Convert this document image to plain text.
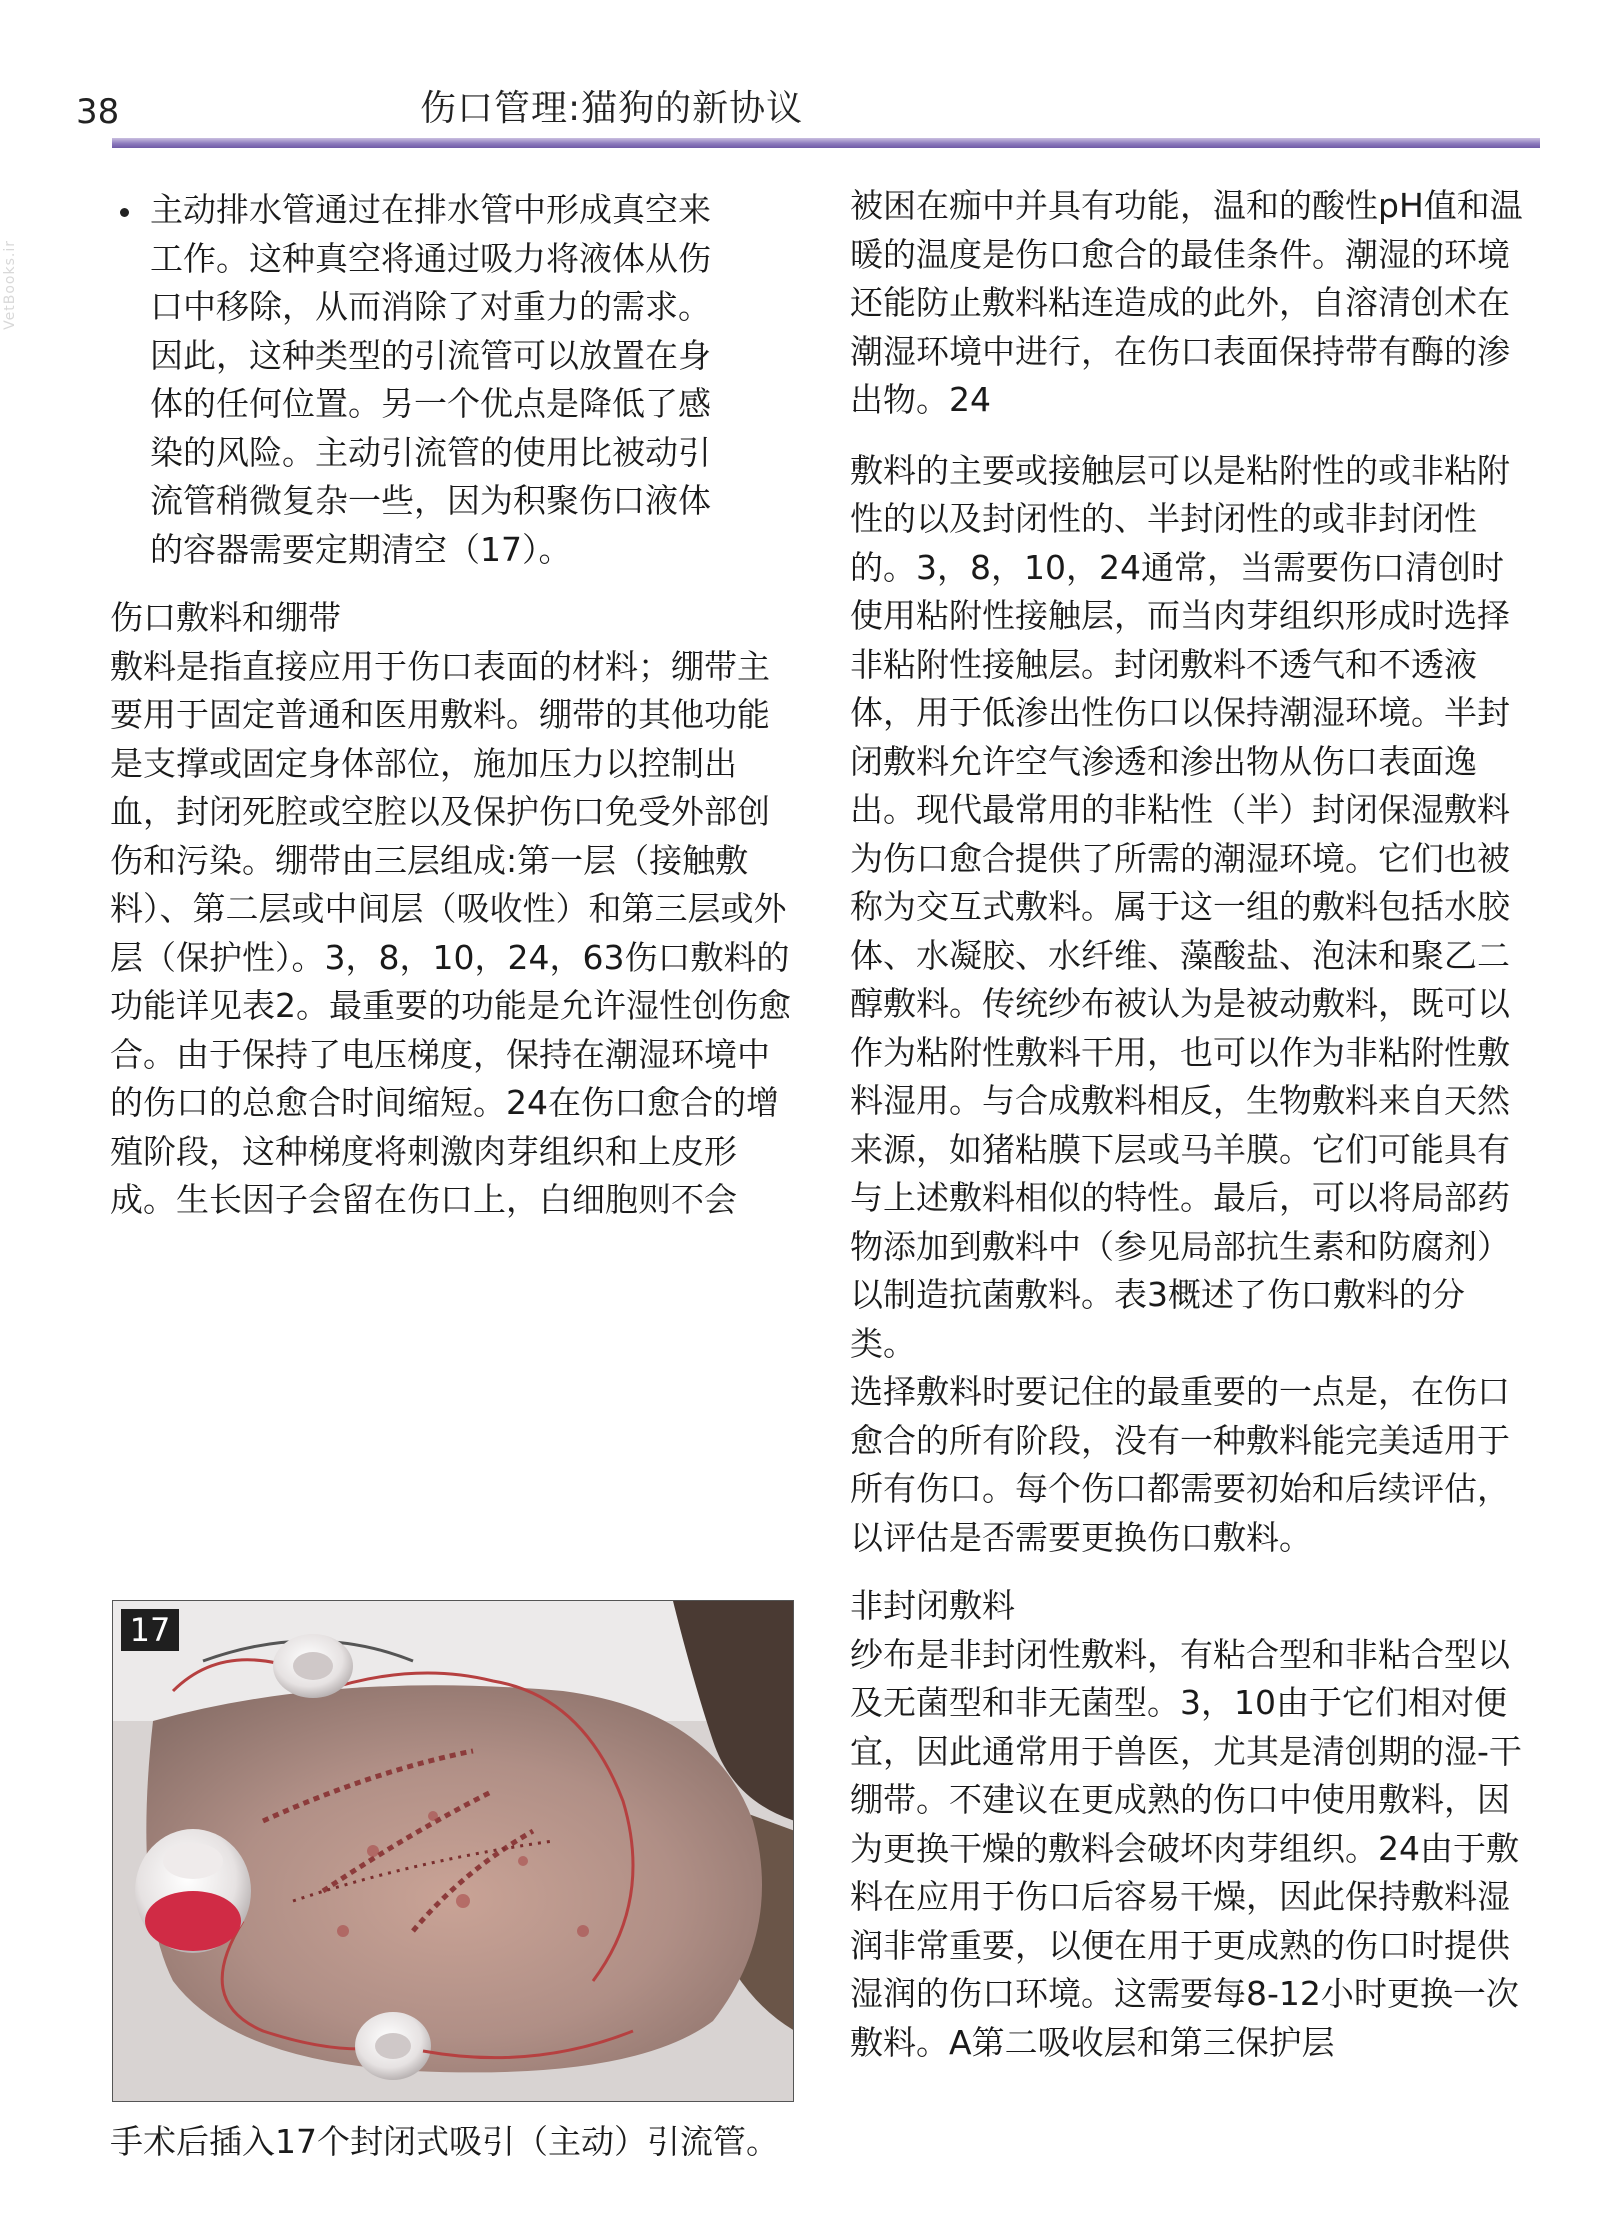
38	伤口管理:猫狗的新协议
VetBooks.ir

主动排水管通过在排水管中形成真空来工作。这种真空将通过吸力将液体从伤口中移除，从而消除了对重力的需求。因此，这种类型的引流管可以放置在身体的任何位置。另一个优点是降低了感染的风险。主动引流管的使用比被动引流管稍微复杂一些，因为积聚伤口液体的容器需要定期清空（17）。

伤口敷料和绷带

敷料是指直接应用于伤口表面的材料；绷带主要用于固定普通和医用敷料。绷带的其他功能是支撑或固定身体部位，施加压力以控制出血，封闭死腔或空腔以及保护伤口免受外部创伤和污染。绷带由三层组成:第一层（接触敷料）、第二层或中间层（吸收性）和第三层或外层（保护性）。3，8，10，24，63伤口敷料的功能详见表2。最重要的功能是允许湿性创伤愈合。由于保持了电压梯度，保持在潮湿环境中的伤口的总愈合时间缩短。24在伤口愈合的增殖阶段，这种梯度将刺激肉芽组织和上皮形成。生长因子会留在伤口上，白细胞则不会

被困在痂中并具有功能，温和的酸性pH值和温暖的温度是伤口愈合的最佳条件。潮湿的环境还能防止敷料粘连造成的此外，自溶清创术在潮湿环境中进行，在伤口表面保持带有酶的渗出物。24

敷料的主要或接触层可以是粘附性的或非粘附性的以及封闭性的、半封闭性的或非封闭性的。3，8，10，24通常，当需要伤口清创时使用粘附性接触层，而当肉芽组织形成时选择非粘附性接触层。封闭敷料不透气和不透液体，用于低渗出性伤口以保持潮湿环境。半封闭敷料允许空气渗透和渗出物从伤口表面逸出。现代最常用的非粘性（半）封闭保湿敷料为伤口愈合提供了所需的潮湿环境。它们也被称为交互式敷料。属于这一组的敷料包括水胶体、水凝胶、水纤维、藻酸盐、泡沫和聚乙二醇敷料。传统纱布被认为是被动敷料，既可以作为粘附性敷料干用，也可以作为非粘附性敷料湿用。与合成敷料相反，生物敷料来自天然来源，如猪粘膜下层或马羊膜。它们可能具有与上述敷料相似的特性。最后，可以将局部药物添加到敷料中（参见局部抗生素和防腐剂）以制造抗菌敷料。表3概述了伤口敷料的分类。

选择敷料时要记住的最重要的一点是，在伤口愈合的所有阶段，没有一种敷料能完美适用于所有伤口。每个伤口都需要初始和后续评估，以评估是否需要更换伤口敷料。

非封闭敷料

纱布是非封闭性敷料，有粘合型和非粘合型以及无菌型和非无菌型。3，10由于它们相对便宜，因此通常用于兽医，尤其是清创期的湿-干绷带。不建议在更成熟的伤口中使用敷料，因为更换干燥的敷料会破坏肉芽组织。24由于敷料在应用于伤口后容易干燥，因此保持敷料湿润非常重要，以便在用于更成熟的伤口时提供湿润的伤口环境。这需要每8-12小时更换一次敷料。A第二吸收层和第三保护层

17
手术后插入17个封闭式吸引（主动）引流管。
